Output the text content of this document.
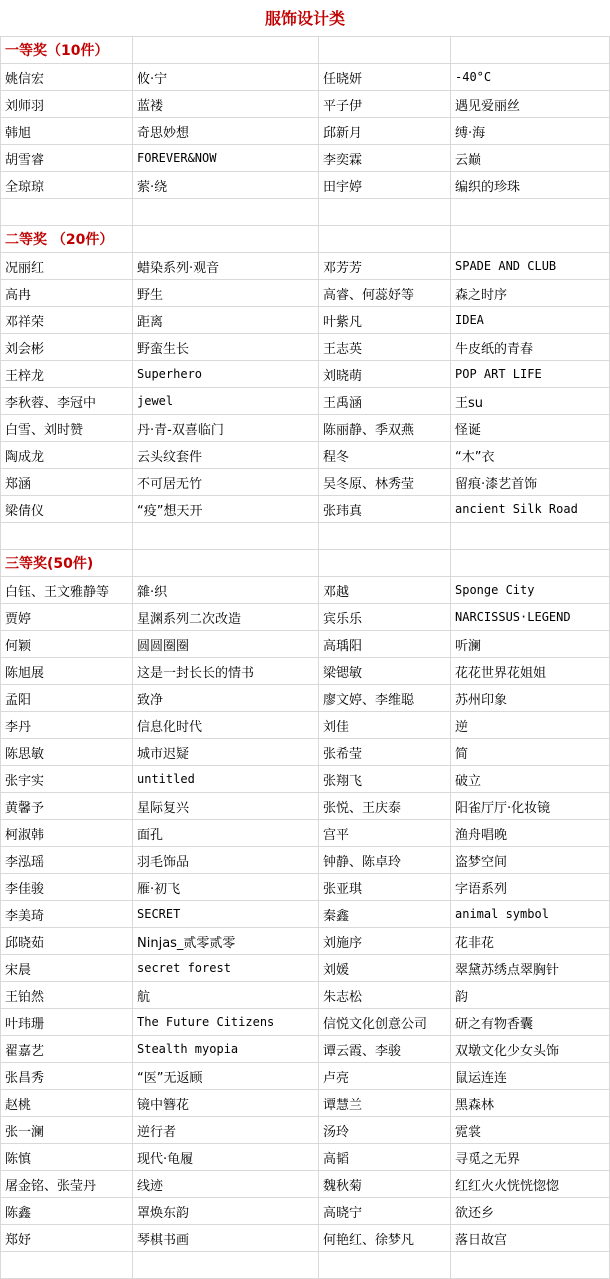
服饰设计类
一等奖（10件）			
姚信宏	攸·宁	任晓妍	-40°C
刘师羽	蓝褛	平子伊	遇见爱丽丝
韩旭	奇思妙想	邱新月	缚·海
胡雪睿	FOREVER&NOW	李奕霖	云巅
全琼琼	萦·绕	田宇婷	编织的珍珠

二等奖 （20件）			
况丽红	蜡染系列·观音	邓芳芳	SPADE AND CLUB
高冉	野生	高睿、何蕊妤等	森之时序
邓祥荣	距离	叶紫凡	IDEA
刘会彬	野蛮生长	王志英	牛皮纸的青春
王梓龙	Superhero	刘晓萌	POP ART LIFE
李秋蓉、李冠中	jewel	王禹涵	王su
白雪、刘时赞	丹·青-双喜临门	陈丽静、季双燕	怪诞
陶成龙	云头纹套件	程冬	“木”衣
郑涵	不可居无竹	吴冬原、林秀莹	留痕·漆艺首饰
梁倩仪	“疫”想天开	张玮真	ancient Silk Road

三等奖(50件)			
白钰、王文雅静等	雜·织	邓越	Sponge City
贾婷	星渊系列二次改造	宾乐乐	NARCISSUS·LEGEND
何颖	圆圆圈圈	高瑀阳	听澜
陈旭展	这是一封长长的情书	梁锶敏	花花世界花姐姐
孟阳	致净	廖文婷、李维聪	苏州印象
李丹	信息化时代	刘佳	逆
陈思敏	城市迟疑	张希莹	简
张宇实	untitled	张翔飞	破立
黄馨予	星际复兴	张悦、王庆泰	阳雀厅厅·化妆镜
柯淑韩	面孔	宫平	渔舟唱晚
李泓瑶	羽毛饰品	钟静、陈卓玲	盗梦空间
李佳骏	雁·初飞	张亚琪	字语系列
李美琦	SECRET	秦鑫	animal symbol
邱晓茹	Ninjas_贰零贰零	刘施序	花非花
宋晨	secret forest	刘媛	翠黛苏绣点翠胸针
王铂然	航	朱志松	韵
叶玮珊	The Future Citizens	信悦文化创意公司	研之有物香囊
翟嘉艺	Stealth myopia	谭云霞、李骏	双墩文化少女头饰
张昌秀	“医”无返顾	卢亮	鼠运连连
赵桃	镜中簪花	谭慧兰	黑森林
张一澜	逆行者	汤玲	霓裳
陈慎	现代·龟履	高韬	寻觅之无界
屠金铭、张莹丹	线迹	魏秋菊	红红火火恍恍惚惚
陈鑫	罩焕东韵	高晓宁	欲还乡
郑妤	琴棋书画	何艳红、徐梦凡	落日故宫
